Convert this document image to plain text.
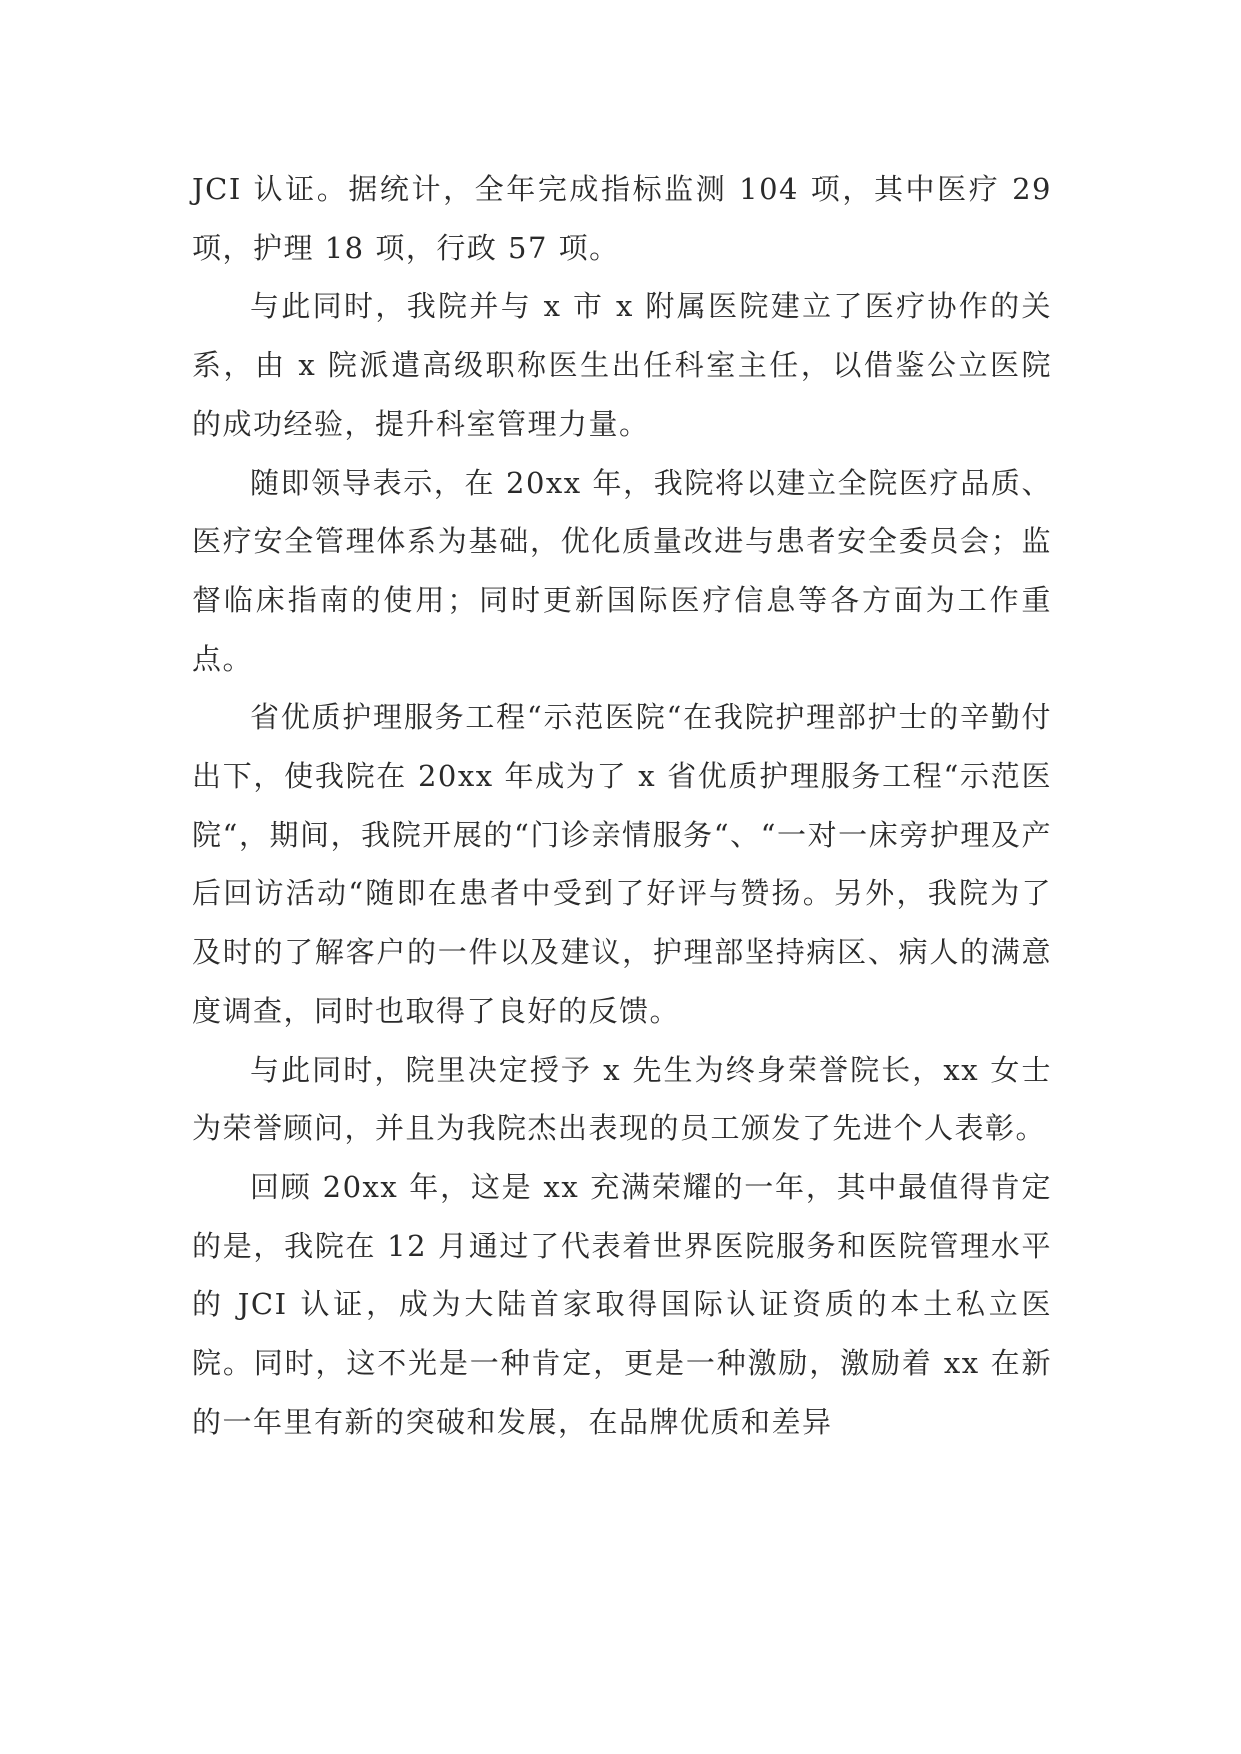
JCI 认证。据统计，全年完成指标监测 104 项，其中医疗 29 项，护理 18 项，行政 57 项。

与此同时，我院并与 x 市 x 附属医院建立了医疗协作的关系，由 x 院派遣高级职称医生出任科室主任，以借鉴公立医院的成功经验，提升科室管理力量。

随即领导表示，在 20xx 年，我院将以建立全院医疗品质、医疗安全管理体系为基础，优化质量改进与患者安全委员会；监督临床指南的使用；同时更新国际医疗信息等各方面为工作重点。

省优质护理服务工程“示范医院“在我院护理部护士的辛勤付出下，使我院在 20xx 年成为了 x 省优质护理服务工程“示范医院“，期间，我院开展的“门诊亲情服务“、“一对一床旁护理及产后回访活动“随即在患者中受到了好评与赞扬。另外，我院为了及时的了解客户的一件以及建议，护理部坚持病区、病人的满意度调查，同时也取得了良好的反馈。

与此同时，院里决定授予 x 先生为终身荣誉院长，xx 女士为荣誉顾问，并且为我院杰出表现的员工颁发了先进个人表彰。

回顾 20xx 年，这是 xx 充满荣耀的一年，其中最值得肯定的是，我院在 12 月通过了代表着世界医院服务和医院管理水平的 JCI 认证，成为大陆首家取得国际认证资质的本土私立医院。同时，这不光是一种肯定，更是一种激励，激励着 xx 在新的一年里有新的突破和发展，在品牌优质和差异
